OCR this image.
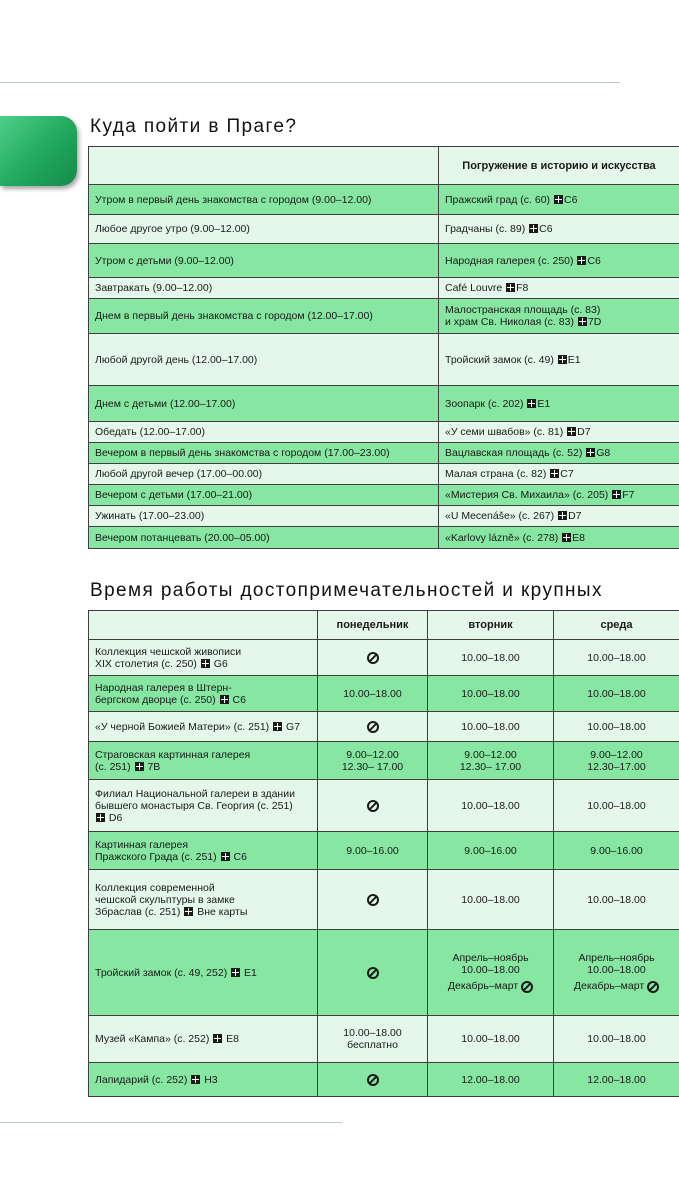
Куда пойти в Праге?
	Погружение в историю и искусства
Утром в первый день знакомства с городом (9.00–12.00)	Пражский град (с. 60) C6
Любое другое утро (9.00–12.00)	Градчаны (с. 89) C6
Утром с детьми (9.00–12.00)	Народная галерея (с. 250) C6
Завтракать (9.00–12.00)	Café Louvre F8
Днем в первый день знакомства с городом (12.00–17.00)	Малостранская площадь (с. 83)
и храм Св. Николая (с. 83) 7D

Любой другой день (12.00–17.00)	Тройский замок (с. 49) E1
Днем с детьми (12.00–17.00)	Зоопарк (с. 202) E1
Обедать (12.00–17.00)	«У семи швабов» (с. 81) D7
Вечером в первый день знакомства с городом (17.00–23.00)	Вацлавская площадь (с. 52) G8
Любой другой вечер (17.00–00.00)	Малая страна (с. 82) C7
Вечером с детьми (17.00–21.00)	«Мистерия Св. Михаила» (с. 205) F7
Ужинать (17.00–23.00)	«U Mecenáše» (с. 267) D7
Вечером потанцевать (20.00–05.00)	«Karlovy lázně» (с. 278) E8
Время работы достопримечательностей и крупных
	понедельник	вторник	среда

Коллекция чешской живописи
XIX столетия (с. 250) G6		10.00–18.00	10.00–18.00

Народная галерея в Штерн-
бергском дворце (с. 250) C6	10.00–18.00	10.00–18.00	10.00–18.00

«У черной Божией Матери» (с. 251) G7		10.00–18.00	10.00–18.00

Страговская картинная галерея
(с. 251) 7B	9.00–12.00
12.30– 17.00	9.00–12.00
12.30– 17.00	9.00–12.00
12.30–17.00

Филиал Национальной галереи в здании
бывшего монастыря Св. Георгия (с. 251)
D6		10.00–18.00	10.00–18.00

Картинная галерея
Пражского Града (с. 251) C6	9.00–16.00	9.00–16.00	9.00–16.00

Коллекция современной
чешской скульптуры в замке
Збраслав (с. 251) Вне карты		10.00–18.00	10.00–18.00

Тройский замок (с. 49, 252) E1		Апрель–ноябрь
10.00–18.00
Декабрь–март	Апрель–ноябрь
10.00–18.00
Декабрь–март

Музей «Кампа» (с. 252) E8	10.00–18.00
бесплатно	10.00–18.00	10.00–18.00

Лапидарий (с. 252) H3		12.00–18.00	12.00–18.00
